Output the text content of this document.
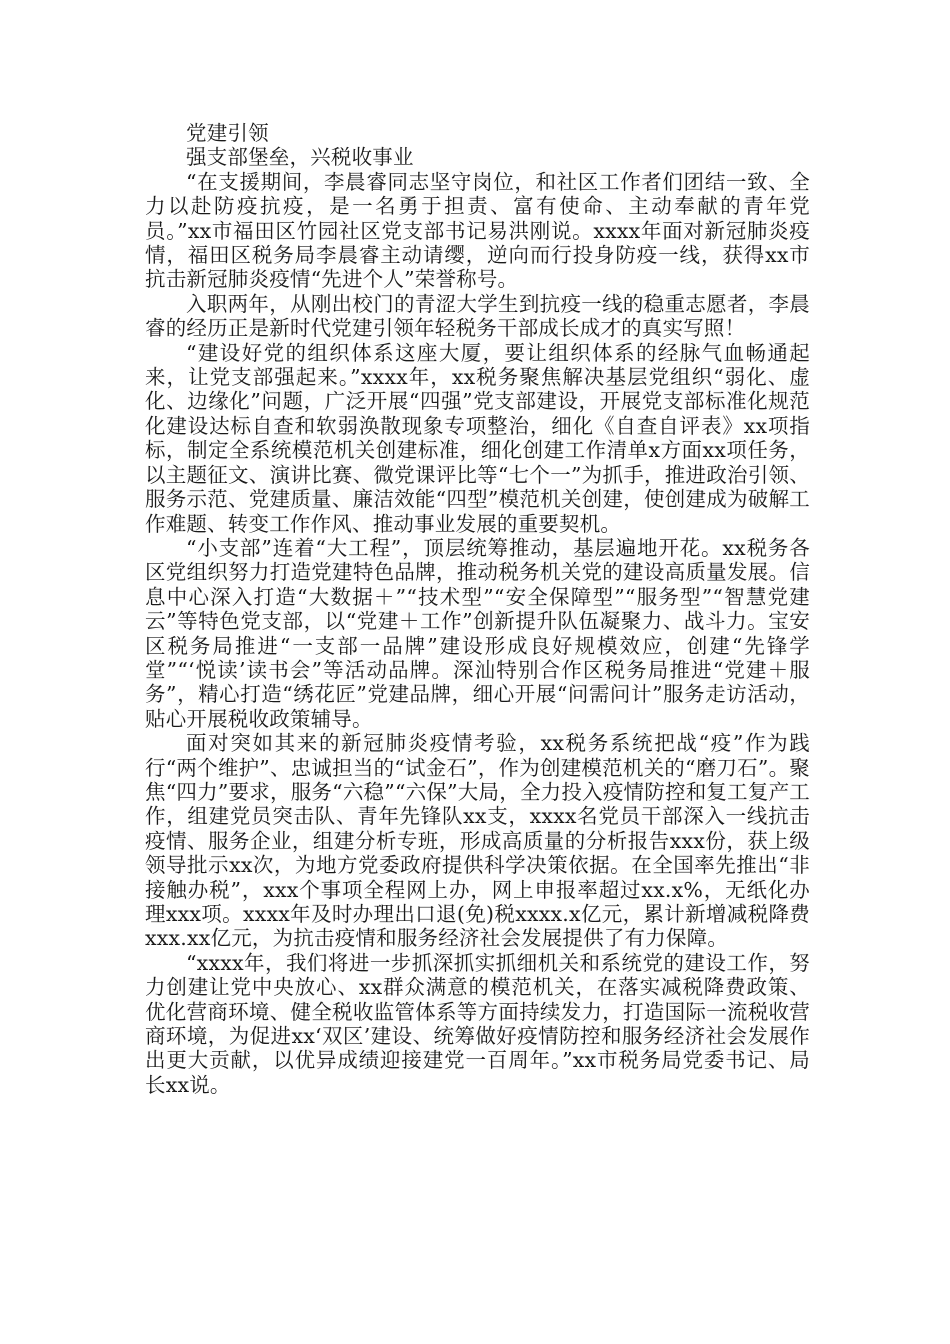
党建引领

强支部堡垒，兴税收事业

“在支援期间，李晨睿同志坚守岗位，和社区工作者们团结一致、全力以赴防疫抗疫，是一名勇于担责、富有使命、主动奉献的青年党员。”xx市福田区竹园社区党支部书记易洪刚说。xxxx年面对新冠肺炎疫情，福田区税务局李晨睿主动请缨，逆向而行投身防疫一线，获得xx市抗击新冠肺炎疫情“先进个人”荣誉称号。

入职两年，从刚出校门的青涩大学生到抗疫一线的稳重志愿者，李晨睿的经历正是新时代党建引领年轻税务干部成长成才的真实写照！

“建设好党的组织体系这座大厦，要让组织体系的经脉气血畅通起来，让党支部强起来。”xxxx年，xx税务聚焦解决基层党组织“弱化、虚化、边缘化”问题，广泛开展“四强”党支部建设，开展党支部标准化规范化建设达标自查和软弱涣散现象专项整治，细化《自查自评表》xx项指标，制定全系统模范机关创建标准，细化创建工作清单x方面xx项任务，以主题征文、演讲比赛、微党课评比等“七个一”为抓手，推进政治引领、服务示范、党建质量、廉洁效能“四型”模范机关创建，使创建成为破解工作难题、转变工作作风、推动事业发展的重要契机。

“小支部”连着“大工程”，顶层统筹推动，基层遍地开花。xx税务各区党组织努力打造党建特色品牌，推动税务机关党的建设高质量发展。信息中心深入打造“大数据＋”“技术型”“安全保障型”“服务型”“智慧党建云”等特色党支部，以“党建＋工作”创新提升队伍凝聚力、战斗力。宝安区税务局推进“一支部一品牌”建设形成良好规模效应，创建“先锋学堂”“‘悦读’读书会”等活动品牌。深汕特别合作区税务局推进“党建＋服务”，精心打造“绣花匠”党建品牌，细心开展“问需问计”服务走访活动，贴心开展税收政策辅导。

面对突如其来的新冠肺炎疫情考验，xx税务系统把战“疫”作为践行“两个维护”、忠诚担当的“试金石”，作为创建模范机关的“磨刀石”。聚焦“四力”要求，服务“六稳”“六保”大局，全力投入疫情防控和复工复产工作，组建党员突击队、青年先锋队xx支，xxxx名党员干部深入一线抗击疫情、服务企业，组建分析专班，形成高质量的分析报告xxx份，获上级领导批示xx次，为地方党委政府提供科学决策依据。在全国率先推出“非接触办税”，xxx个事项全程网上办，网上申报率超过xx.x%，无纸化办理xxx项。xxxx年及时办理出口退(免)税xxxx.x亿元，累计新增减税降费xxx.xx亿元，为抗击疫情和服务经济社会发展提供了有力保障。

“xxxx年，我们将进一步抓深抓实抓细机关和系统党的建设工作，努力创建让党中央放心、xx群众满意的模范机关，在落实减税降费政策、优化营商环境、健全税收监管体系等方面持续发力，打造国际一流税收营商环境，为促进xx‘双区’建设、统筹做好疫情防控和服务经济社会发展作出更大贡献，以优异成绩迎接建党一百周年。”xx市税务局党委书记、局长xx说。
